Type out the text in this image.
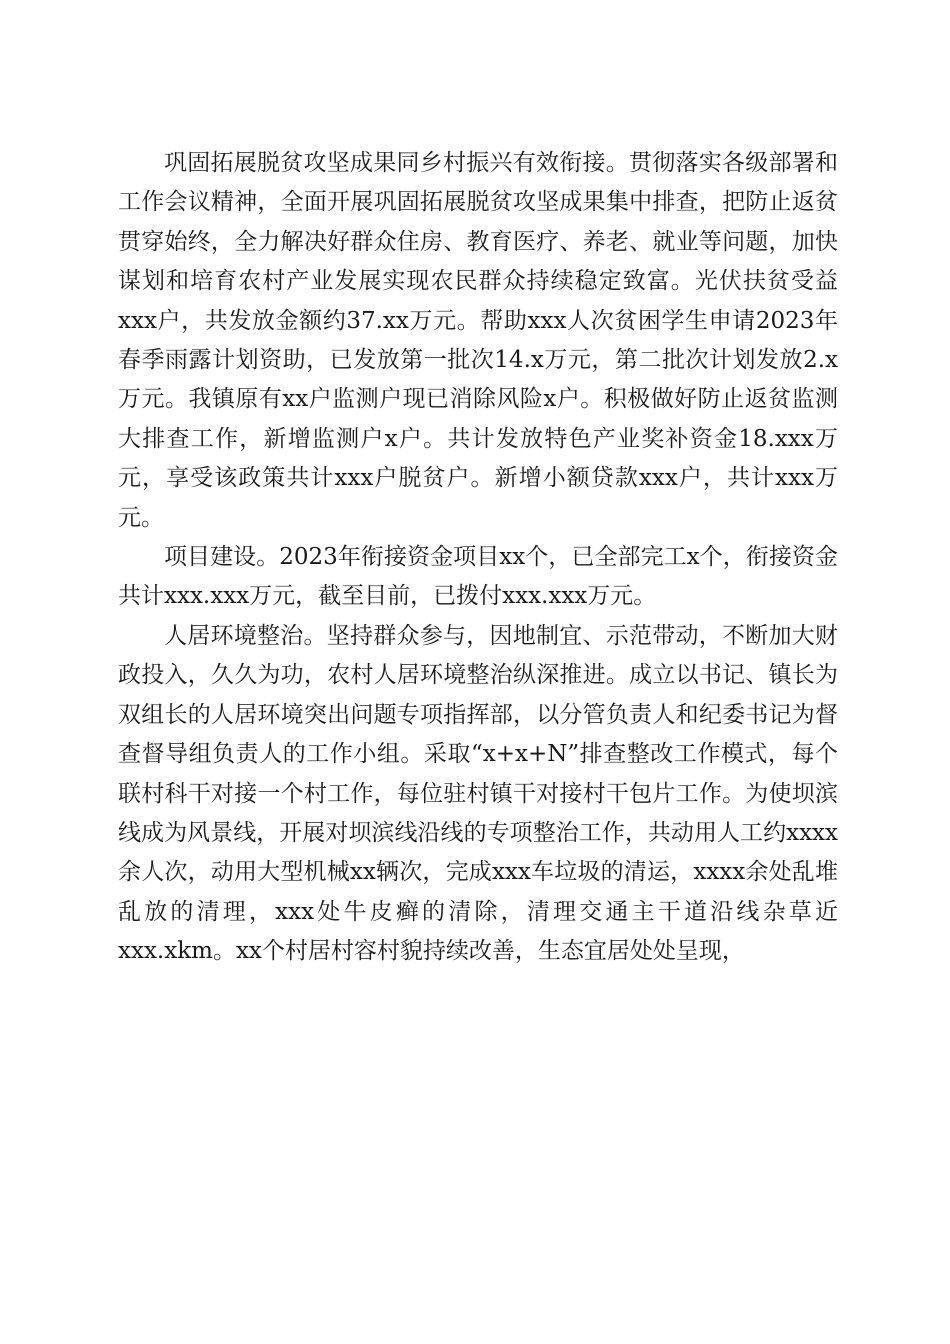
巩固拓展脱贫攻坚成果同乡村振兴有效衔接。贯彻落实各级部署和工作会议精神，全面开展巩固拓展脱贫攻坚成果集中排查，把防止返贫贯穿始终，全力解决好群众住房、教育医疗、养老、就业等问题，加快谋划和培育农村产业发展实现农民群众持续稳定致富。光伏扶贫受益xxx户，共发放金额约37.xx万元。帮助xxx人次贫困学生申请2023年春季雨露计划资助，已发放第一批次14.x万元，第二批次计划发放2.x万元。我镇原有xx户监测户现已消除风险x户。积极做好防止返贫监测大排查工作，新增监测户x户。共计发放特色产业奖补资金18.xxx万元，享受该政策共计xxx户脱贫户。新增小额贷款xxx户，共计xxx万元。

项目建设。2023年衔接资金项目xx个，已全部完工x个，衔接资金共计xxx.xxx万元，截至目前，已拨付xxx.xxx万元。

人居环境整治。坚持群众参与，因地制宜、示范带动，不断加大财政投入，久久为功，农村人居环境整治纵深推进。成立以书记、镇长为双组长的人居环境突出问题专项指挥部，以分管负责人和纪委书记为督查督导组负责人的工作小组。采取“x+x+N”排查整改工作模式，每个联村科干对接一个村工作，每位驻村镇干对接村干包片工作。为使坝滨线成为风景线，开展对坝滨线沿线的专项整治工作，共动用人工约xxxx余人次，动用大型机械xx辆次，完成xxx车垃圾的清运，xxxx余处乱堆乱放的清理，xxx处牛皮癣的清除，清理交通主干道沿线杂草近xxx.xkm。xx个村居村容村貌持续改善，生态宜居处处呈现，
